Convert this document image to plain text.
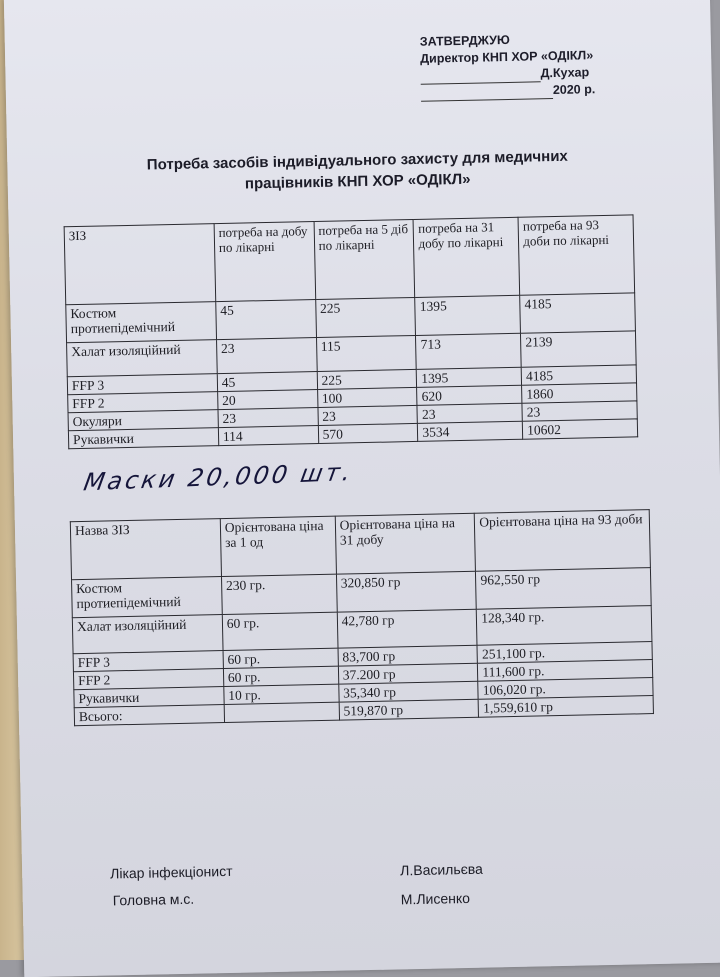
ЗАТВЕРДЖУЮ
Директор КНП ХОР «ОДІКЛ»
Д.Кухар
2020 р.
Потреба засобів індивідуального захисту для медичних
працівників КНП ХОР «ОДІКЛ»
ЗІЗ	потреба на добу по лікарні	потреба на 5 діб по лікарні	потреба на 31 добу по лікарні	потреба на 93 доби по лікарні
Костюм протиепідемічний	45	225	1395	4185
Халат изоляційний	23	115	713	2139
FFP 3	45	225	1395	4185
FFP 2	20	100	620	1860
Окуляри	23	23	23	23
Рукавички	114	570	3534	10602
Маски 20,000 шт.
Назва ЗІЗ	Орієнтована ціна за 1 од	Орієнтована ціна на 31 добу	Орієнтована ціна на 93 доби
Костюм протиепідемічний	230 гр.	320,850 гр	962,550 гр
Халат изоляційний	60 гр.	42,780 гр	128,340 гр.
FFP 3	60 гр.	83,700 гр	251,100 гр.
FFP 2	60 гр.	37.200 гр	111,600 гр.
Рукавички	10 гр.	35,340 гр	106,020 гр.
Всього:		519,870 гр	1,559,610 гр
Лікар інфекціонист	Л.Васильєва
Головна м.с.	М.Лисенко
